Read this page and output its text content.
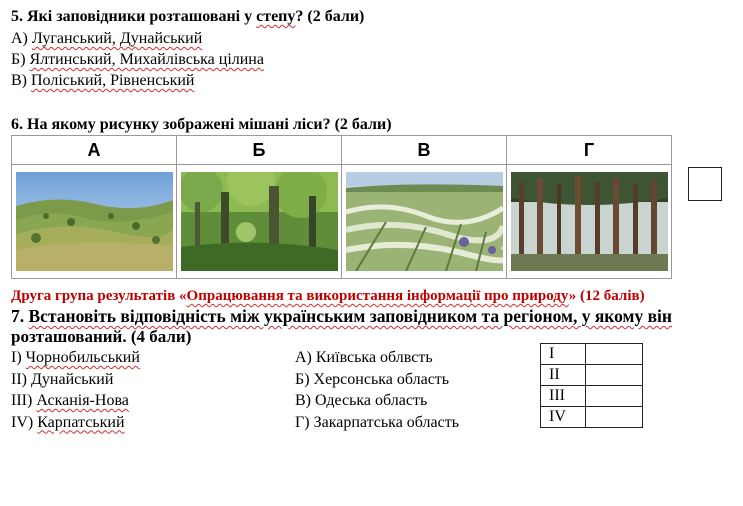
5. Які заповідники розташовані у степу? (2 бали)
А) Луганський, Дунайський
Б) Ялтинський, Михайлівська цілина
В) Поліський, Рівненський
6. На якому рисунку зображені мішані ліси? (2 бали)
А	Б	В	Г

Друга група результатів «Опрацювання та використання інформації про природу» (12 балів)
7. Встановіть відповідність між українським заповідником та регіоном, у якому він
розташований. (4 бали)
I) Чорнобильський
II) Дунайський
III) Асканія-Нова
IV) Карпатський
А) Київська облвсть
Б) Херсонська область
В) Одеська область
Г) Закарпатська область
I	
II	
III	
IV	
